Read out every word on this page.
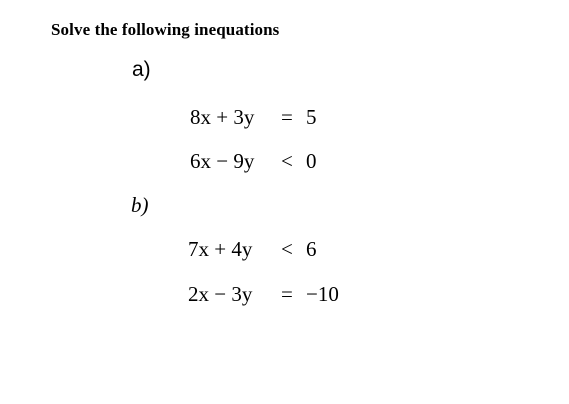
Solve the following inequations
a)
8x + 3y = 5
6x − 9y < 0
b)
7x + 4y < 6
2x − 3y = −10
